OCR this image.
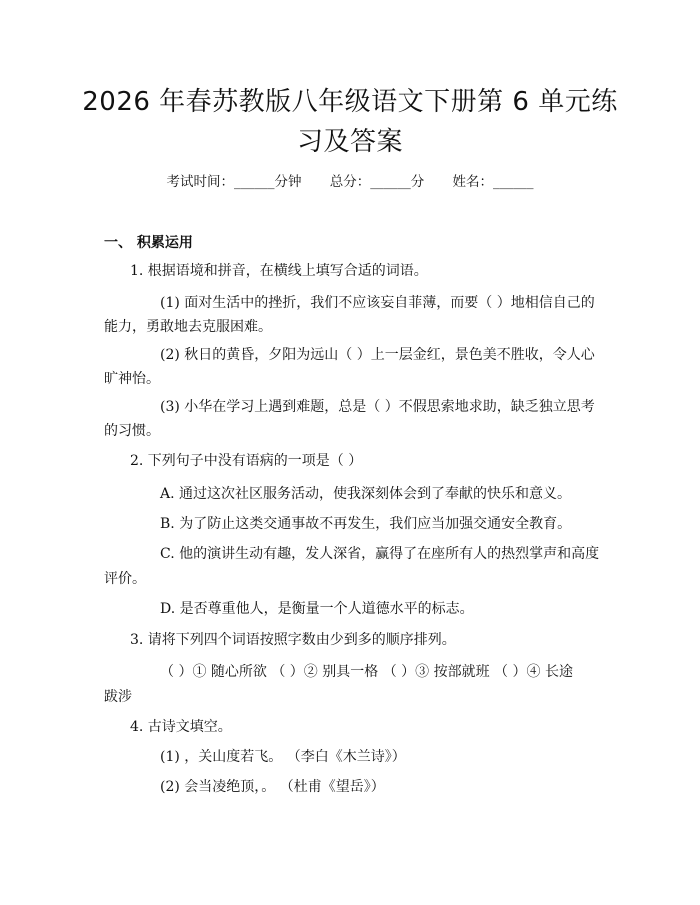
2026 年春苏教版八年级语文下册第 6 单元练
习及答案
考试时间：______分钟 总分：______分 姓名：______
一、 积累运用
1. 根据语境和拼音，在横线上填写合适的词语。
(1) 面对生活中的挫折，我们不应该妄自菲薄，而要（ ）地相信自己的
能力，勇敢地去克服困难。
(2) 秋日的黄昏，夕阳为远山（ ）上一层金红，景色美不胜收，令人心
旷神怡。
(3) 小华在学习上遇到难题，总是（ ）不假思索地求助，缺乏独立思考
的习惯。
2. 下列句子中没有语病的一项是（ ）
A. 通过这次社区服务活动，使我深刻体会到了奉献的快乐和意义。
B. 为了防止这类交通事故不再发生，我们应当加强交通安全教育。
C. 他的演讲生动有趣，发人深省，赢得了在座所有人的热烈掌声和高度
评价。
D. 是否尊重他人，是衡量一个人道德水平的标志。
3. 请将下列四个词语按照字数由少到多的顺序排列。
（ ）① 随心所欲 （ ）② 别具一格 （ ）③ 按部就班 （ ）④ 长途
跋涉
4. 古诗文填空。
(1) ，关山度若飞。 （李白《木兰诗》）
(2) 会当凌绝顶，。 （杜甫《望岳》）
